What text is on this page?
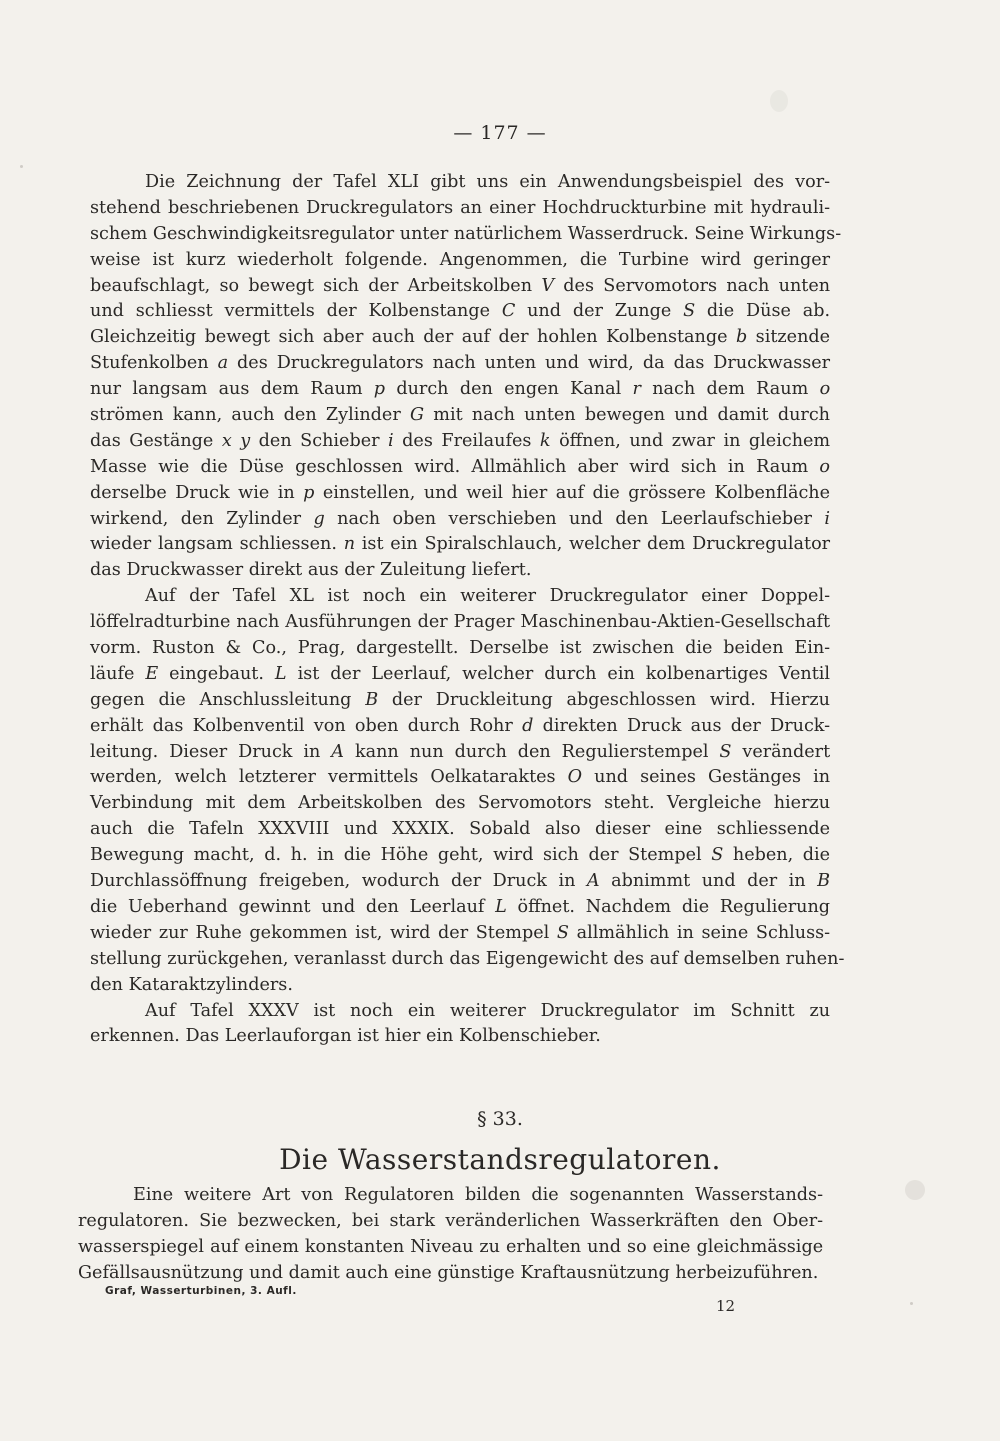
— 177 —
Die Zeichnung der Tafel XLI gibt uns ein Anwendungsbeispiel des vor-
stehend beschriebenen Druckregulators an einer Hochdruckturbine mit hydrauli-
schem Geschwindigkeitsregulator unter natürlichem Wasserdruck. Seine Wirkungs-
weise ist kurz wiederholt folgende. Angenommen, die Turbine wird geringer
beaufschlagt, so bewegt sich der Arbeitskolben V des Servomotors nach unten
und schliesst vermittels der Kolbenstange C und der Zunge S die Düse ab.
Gleichzeitig bewegt sich aber auch der auf der hohlen Kolbenstange b sitzende
Stufenkolben a des Druckregulators nach unten und wird, da das Druckwasser
nur langsam aus dem Raum p durch den engen Kanal r nach dem Raum o
strömen kann, auch den Zylinder G mit nach unten bewegen und damit durch
das Gestänge x y den Schieber i des Freilaufes k öffnen, und zwar in gleichem
Masse wie die Düse geschlossen wird. Allmählich aber wird sich in Raum o
derselbe Druck wie in p einstellen, und weil hier auf die grössere Kolbenfläche
wirkend, den Zylinder g nach oben verschieben und den Leerlaufschieber i
wieder langsam schliessen. n ist ein Spiralschlauch, welcher dem Druckregulator
das Druckwasser direkt aus der Zuleitung liefert.
Auf der Tafel XL ist noch ein weiterer Druckregulator einer Doppel-
löffelradturbine nach Ausführungen der Prager Maschinenbau-Aktien-Gesellschaft
vorm. Ruston & Co., Prag, dargestellt. Derselbe ist zwischen die beiden Ein-
läufe E eingebaut. L ist der Leerlauf, welcher durch ein kolbenartiges Ventil
gegen die Anschlussleitung B der Druckleitung abgeschlossen wird. Hierzu
erhält das Kolbenventil von oben durch Rohr d direkten Druck aus der Druck-
leitung. Dieser Druck in A kann nun durch den Regulierstempel S verändert
werden, welch letzterer vermittels Oelkataraktes O und seines Gestänges in
Verbindung mit dem Arbeitskolben des Servomotors steht. Vergleiche hierzu
auch die Tafeln XXXVIII und XXXIX. Sobald also dieser eine schliessende
Bewegung macht, d. h. in die Höhe geht, wird sich der Stempel S heben, die
Durchlassöffnung freigeben, wodurch der Druck in A abnimmt und der in B
die Ueberhand gewinnt und den Leerlauf L öffnet. Nachdem die Regulierung
wieder zur Ruhe gekommen ist, wird der Stempel S allmählich in seine Schluss-
stellung zurückgehen, veranlasst durch das Eigengewicht des auf demselben ruhen-
den Kataraktzylinders.
Auf Tafel XXXV ist noch ein weiterer Druckregulator im Schnitt zu
erkennen. Das Leerlauforgan ist hier ein Kolbenschieber.
§ 33.
Die Wasserstandsregulatoren.
Eine weitere Art von Regulatoren bilden die sogenannten Wasserstands-
regulatoren. Sie bezwecken, bei stark veränderlichen Wasserkräften den Ober-
wasserspiegel auf einem konstanten Niveau zu erhalten und so eine gleichmässige
Gefällsausnützung und damit auch eine günstige Kraftausnützung herbeizuführen.
Graf, Wasserturbinen, 3. Aufl.
12
